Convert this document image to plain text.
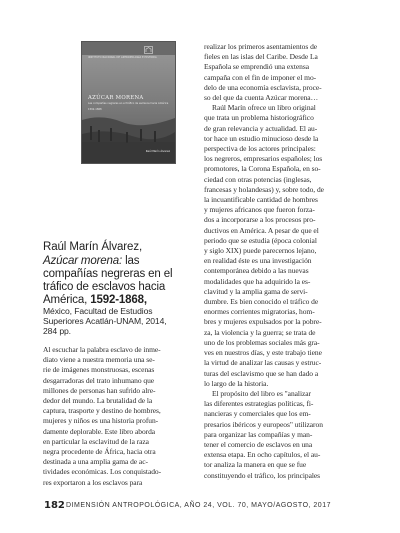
INSTITUTO NACIONAL DE ANTROPOLOGÍA E HISTORIA
AZÚCAR MORENA
Las compañías negreras en el tráfico de esclavos hacia América
1592-1868
Raúl Marín Álvarez
Raúl Marín Álvarez,
Azúcar morena: las compañías negreras en el tráfico de esclavos hacia América, 1592-1868,
México, Facultad de Estudios
Superiores Acatlán-UNAM, 2014,
284 pp.
Al escuchar la palabra esclavo de inme-
diato viene a nuestra memoria una se-
rie de imágenes monstruosas, escenas
desgarradoras del trato inhumano que
millones de personas han sufrido alre-
dedor del mundo. La brutalidad de la
captura, trasporte y destino de hombres,
mujeres y niños es una historia profun-
damente deplorable. Este libro aborda
en particular la esclavitud de la raza
negra procedente de África, hacia otra
destinada a una amplia gama de ac-
tividades económicas. Los conquistado-
res exportaron a los esclavos para
realizar los primeros asentamientos de
fieles en las islas del Caribe. Desde La
Española se emprendió una extensa
campaña con el fin de imponer el mo-
delo de una economía esclavista, proce-
so del que da cuenta Azúcar morena…
Raúl Marín ofrece un libro original
que trata un problema historiográfico
de gran relevancia y actualidad. El au-
tor hace un estudio minucioso desde la
perspectiva de los actores principales:
los negreros, empresarios españoles; los
promotores, la Corona Española, en so-
ciedad con otras potencias (inglesas,
francesas y holandesas) y, sobre todo, de
la incuantificable cantidad de hombres
y mujeres africanos que fueron forza-
dos a incorporarse a los procesos pro-
ductivos en América. A pesar de que el
periodo que se estudia (época colonial
y siglo XIX) puede parecernos lejano,
en realidad éste es una investigación
contemporánea debido a las nuevas
modalidades que ha adquirido la es-
clavitud y la amplia gama de servi-
dumbre. Es bien conocido el tráfico de
enormes corrientes migratorias, hom-
bres y mujeres expulsados por la pobre-
za, la violencia y la guerra; se trata de
uno de los problemas sociales más gra-
ves en nuestros días, y este trabajo tiene
la virtud de analizar las causas y estruc-
turas del esclavismo que se han dado a
lo largo de la historia.
El propósito del libro es "analizar
las diferentes estrategias políticas, fi-
nancieras y comerciales que los em-
presarios ibéricos y europeos" utilizaron
para organizar las compañías y man-
tener el comercio de esclavos en una
extensa etapa. En ocho capítulos, el au-
tor analiza la manera en que se fue
constituyendo el tráfico, los principales
182 DIMENSIÓN ANTROPOLÓGICA, AÑO 24, VOL. 70, MAYO/AGOSTO, 2017
